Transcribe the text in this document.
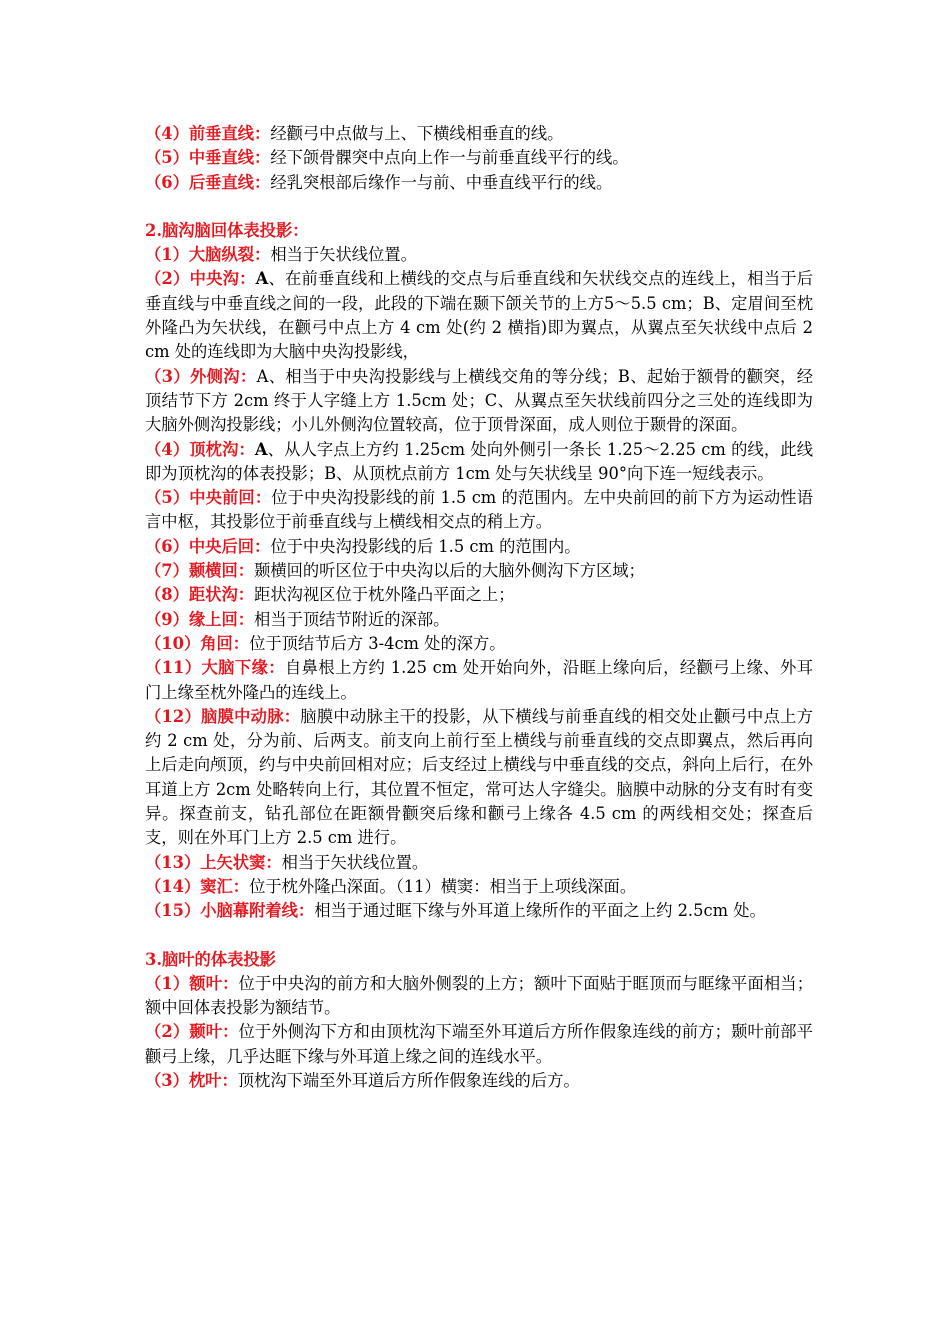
（4）前垂直线：经颧弓中点做与上、下横线相垂直的线。

（5）中垂直线：经下颌骨髁突中点向上作一与前垂直线平行的线。

（6）后垂直线：经乳突根部后缘作一与前、中垂直线平行的线。

2.脑沟脑回体表投影：

（1）大脑纵裂：相当于矢状线位置。

（2）中央沟：A、在前垂直线和上横线的交点与后垂直线和矢状线交点的连线上，相当于后垂直线与中垂直线之间的一段，此段的下端在颞下颌关节的上方5～5.5 cm；B、定眉间至枕外隆凸为矢状线，在颧弓中点上方 4 cm 处(约 2 横指)即为翼点，从翼点至矢状线中点后 2 cm 处的连线即为大脑中央沟投影线，

（3）外侧沟：A、相当于中央沟投影线与上横线交角的等分线；B、起始于额骨的颧突，经顶结节下方 2cm 终于人字缝上方 1.5cm 处；C、从翼点至矢状线前四分之三处的连线即为大脑外侧沟投影线；小儿外侧沟位置较高，位于顶骨深面，成人则位于颞骨的深面。

（4）顶枕沟：A、从人字点上方约 1.25cm 处向外侧引一条长 1.25～2.25 cm 的线，此线即为顶枕沟的体表投影；B、从顶枕点前方 1cm 处与矢状线呈 90°向下连一短线表示。

（5）中央前回：位于中央沟投影线的前 1.5 cm 的范围内。左中央前回的前下方为运动性语言中枢，其投影位于前垂直线与上横线相交点的稍上方。

（6）中央后回：位于中央沟投影线的后 1.5 cm 的范围内。

（7）颞横回：颞横回的听区位于中央沟以后的大脑外侧沟下方区域；

（8）距状沟：距状沟视区位于枕外隆凸平面之上；

（9）缘上回：相当于顶结节附近的深部。

（10）角回：位于顶结节后方 3-4cm 处的深方。

（11）大脑下缘：自鼻根上方约 1.25 cm 处开始向外，沿眶上缘向后，经颧弓上缘、外耳门上缘至枕外隆凸的连线上。

（12）脑膜中动脉：脑膜中动脉主干的投影，从下横线与前垂直线的相交处止颧弓中点上方约 2 cm 处，分为前、后两支。前支向上前行至上横线与前垂直线的交点即翼点，然后再向上后走向颅顶，约与中央前回相对应；后支经过上横线与中垂直线的交点，斜向上后行，在外耳道上方 2cm 处略转向上行，其位置不恒定，常可达人字缝尖。脑膜中动脉的分支有时有变异。探查前支，钻孔部位在距额骨颧突后缘和颧弓上缘各 4.5 cm 的两线相交处；探查后支，则在外耳门上方 2.5 cm 进行。

（13）上矢状窦：相当于矢状线位置。

（14）窦汇：位于枕外隆凸深面。（11）横窦：相当于上项线深面。

（15）小脑幕附着线：相当于通过眶下缘与外耳道上缘所作的平面之上约 2.5cm 处。

3.脑叶的体表投影

（1）额叶：位于中央沟的前方和大脑外侧裂的上方；额叶下面贴于眶顶而与眶缘平面相当；额中回体表投影为额结节。

（2）颞叶：位于外侧沟下方和由顶枕沟下端至外耳道后方所作假象连线的前方；颞叶前部平颧弓上缘，几乎达眶下缘与外耳道上缘之间的连线水平。

（3）枕叶：顶枕沟下端至外耳道后方所作假象连线的后方。
